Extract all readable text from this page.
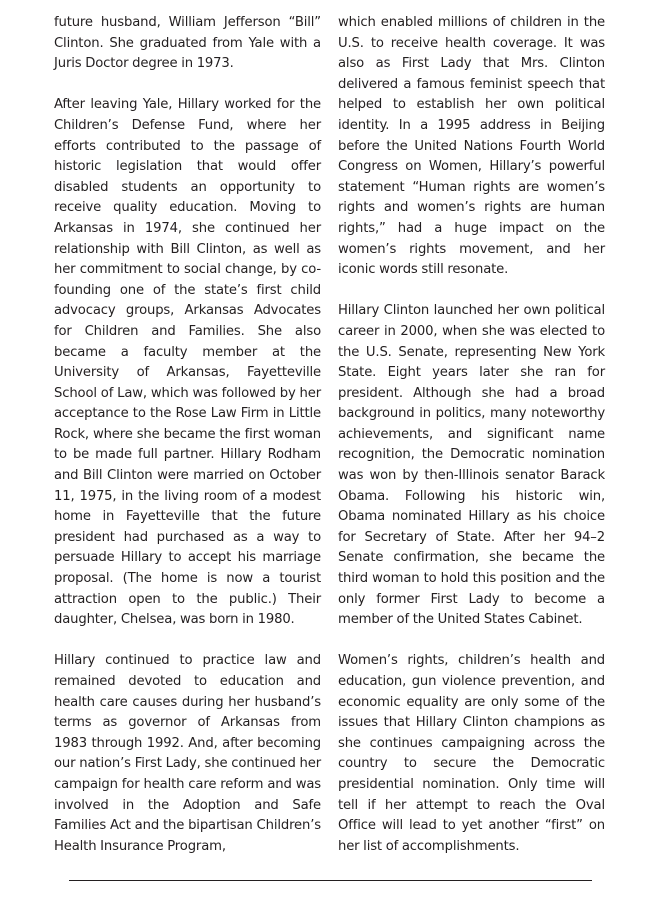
future husband, William Jefferson “Bill” Clinton. She graduated from Yale with a Juris Doctor degree in 1973.

After leaving Yale, Hillary worked for the Children’s Defense Fund, where her efforts contributed to the passage of historic legislation that would offer disabled students an opportunity to receive quality education. Moving to Arkansas in 1974, she continued her relationship with Bill Clinton, as well as her commitment to social change, by co-founding one of the state’s first child advocacy groups, Arkansas Advocates for Children and Families. She also became a faculty member at the University of Arkansas, Fayetteville School of Law, which was followed by her acceptance to the Rose Law Firm in Little Rock, where she became the first woman to be made full partner. Hillary Rodham and Bill Clinton were married on October 11, 1975, in the living room of a modest home in Fayetteville that the future president had purchased as a way to persuade Hillary to accept his marriage proposal. (The home is now a tourist attraction open to the public.) Their daughter, Chelsea, was born in 1980.

Hillary continued to practice law and remained devoted to education and health care causes during her husband’s terms as governor of Arkansas from 1983 through 1992. And, after becoming our nation’s First Lady, she continued her campaign for health care reform and was involved in the Adoption and Safe Families Act and the bipartisan Children’s Health Insurance Program,

which enabled millions of children in the U.S. to receive health coverage. It was also as First Lady that Mrs. Clinton delivered a famous feminist speech that helped to establish her own political identity. In a 1995 address in Beijing before the United Nations Fourth World Congress on Women, Hillary’s powerful statement “Human rights are women’s rights and women’s rights are human rights,” had a huge impact on the women’s rights movement, and her iconic words still resonate.

Hillary Clinton launched her own political career in 2000, when she was elected to the U.S. Senate, representing New York State. Eight years later she ran for president. Although she had a broad background in politics, many noteworthy achievements, and significant name recognition, the Democratic nomination was won by then-Illinois senator Barack Obama. Following his historic win, Obama nominated Hillary as his choice for Secretary of State. After her 94–2 Senate confirmation, she became the third woman to hold this position and the only former First Lady to become a member of the United States Cabinet.

Women’s rights, children’s health and education, gun violence prevention, and economic equality are only some of the issues that Hillary Clinton champions as she continues campaigning across the country to secure the Democratic presidential nomination. Only time will tell if her attempt to reach the Oval Office will lead to yet another “first” on her list of accomplishments.
